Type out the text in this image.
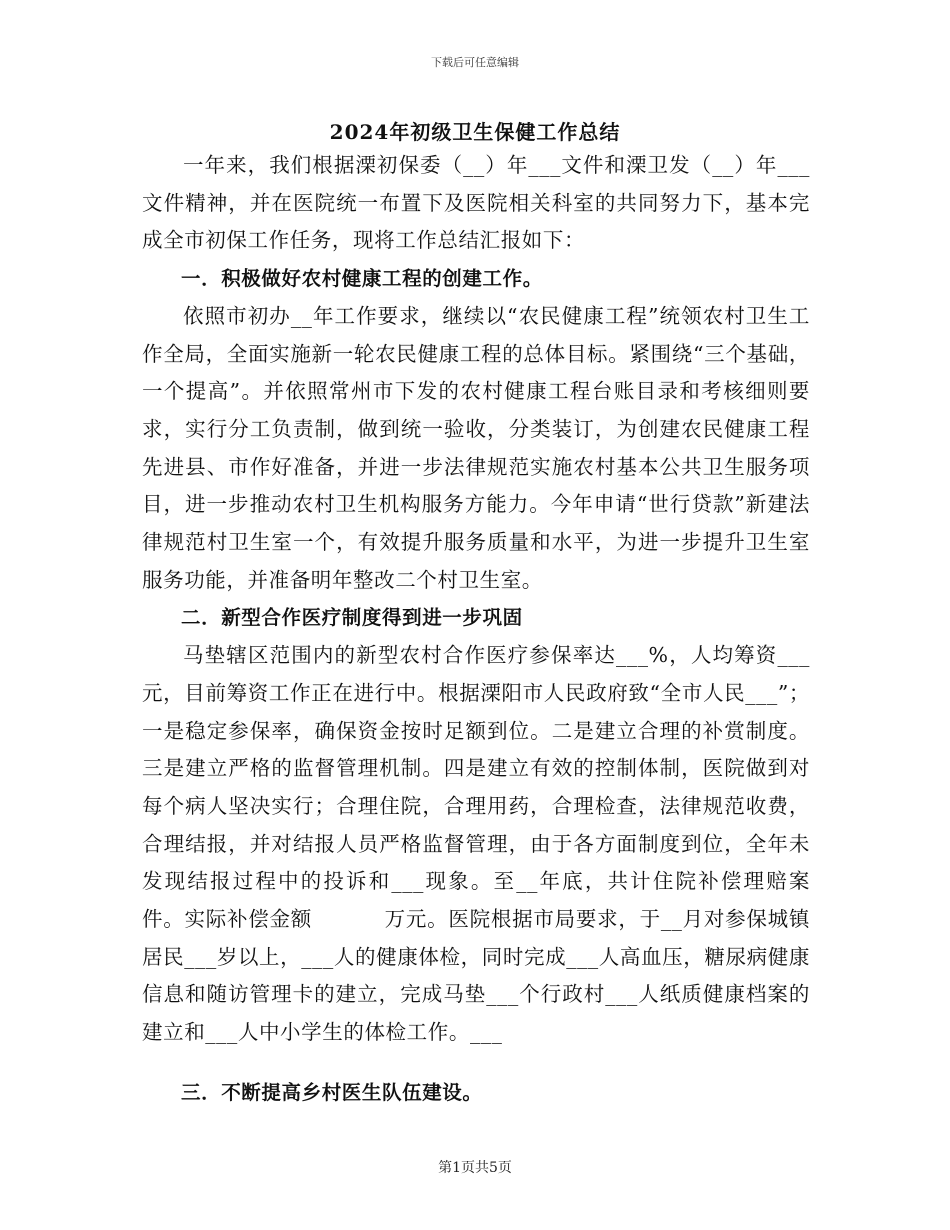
下载后可任意编辑
2024年初级卫生保健工作总结

一年来，我们根据溧初保委（__）年___文件和溧卫发（__）年___文件精神，并在医院统一布置下及医院相关科室的共同努力下，基本完成全市初保工作任务，现将工作总结汇报如下：

一．积极做好农村健康工程的创建工作。

依照市初办__年工作要求，继续以“农民健康工程”统领农村卫生工作全局，全面实施新一轮农民健康工程的总体目标。紧围绕“三个基础，一个提高”。并依照常州市下发的农村健康工程台账目录和考核细则要求，实行分工负责制，做到统一验收，分类装订，为创建农民健康工程先进县、市作好准备，并进一步法律规范实施农村基本公共卫生服务项目，进一步推动农村卫生机构服务方能力。今年申请“世行贷款”新建法律规范村卫生室一个，有效提升服务质量和水平，为进一步提升卫生室服务功能，并准备明年整改二个村卫生室。

二．新型合作医疗制度得到进一步巩固

马垫辖区范围内的新型农村合作医疗参保率达___%，人均筹资___元，目前筹资工作正在进行中。根据溧阳市人民政府致“全市人民___”；一是稳定参保率，确保资金按时足额到位。二是建立合理的补赏制度。三是建立严格的监督管理机制。四是建立有效的控制体制，医院做到对每个病人坚决实行；合理住院，合理用药，合理检查，法律规范收费，合理结报，并对结报人员严格监督管理，由于各方面制度到位，全年未发现结报过程中的投诉和___现象。至__年底，共计住院补偿理赔案   件。实际补偿金额          万元。医院根据市局要求，于__月对参保城镇居民___岁以上，___人的健康体检，同时完成___人高血压，糖尿病健康信息和随访管理卡的建立，完成马垫___个行政村___人纸质健康档案的建立和___人中小学生的体检工作。___

三．不断提高乡村医生队伍建设。

第1页共5页
